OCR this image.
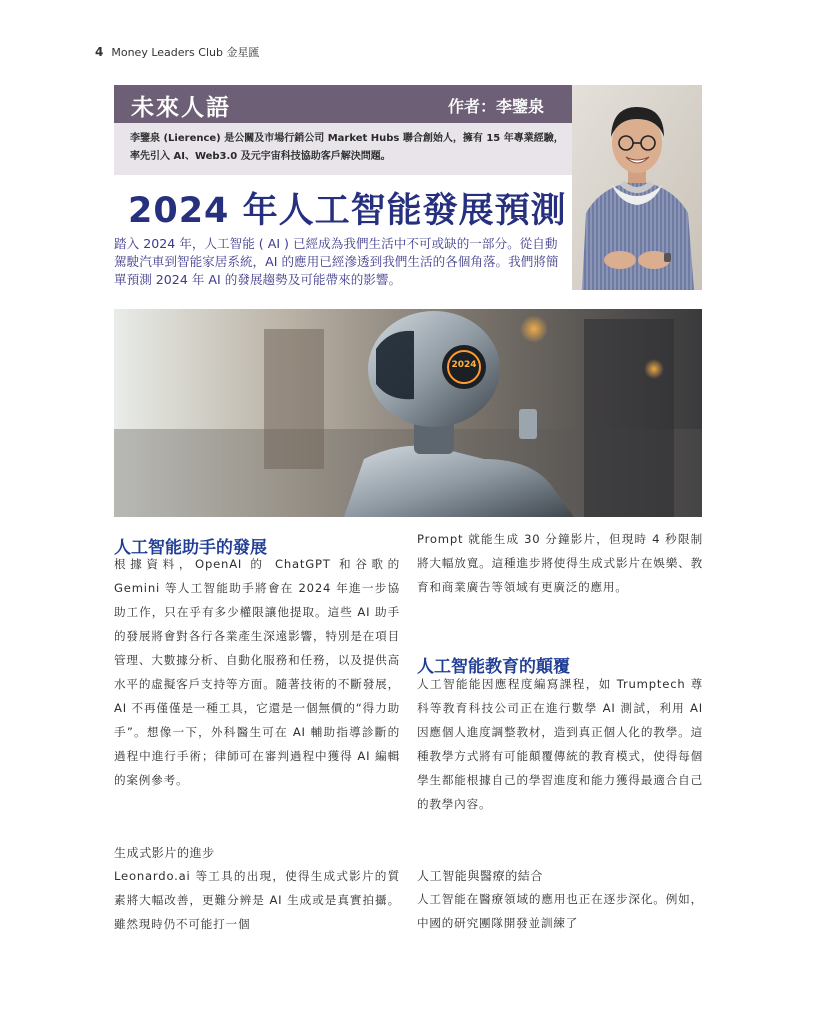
4 Money Leaders Club 金星匯
未來人語	作者：李鑒泉
李鑒泉 (Lierence) 是公關及市場行銷公司 Market Hubs 聯合創始人，擁有 15 年專業經驗，率先引入 AI、Web3.0 及元宇宙科技協助客戶解決問題。
2024 年人工智能發展預測
踏入 2024 年，人工智能 ( AI ) 已經成為我們生活中不可或缺的一部分。從自動駕駛汽車到智能家居系統，AI 的應用已經滲透到我們生活的各個角落。我們將簡單預測 2024 年 AI 的發展趨勢及可能帶來的影響。
2024
人工智能助手的發展
根據資料，OpenAI 的 ChatGPT 和谷歌的 Gemini 等人工智能助手將會在 2024 年進一步協助工作，只在乎有多少權限讓他提取。這些 AI 助手的發展將會對各行各業產生深遠影響，特別是在項目管理、大數據分析、自動化服務和任務，以及提供高水平的虛擬客戶支持等方面。隨著技術的不斷發展，AI 不再僅僅是一種工具，它還是一個無價的“得力助手”。想像一下，外科醫生可在 AI 輔助指導診斷的過程中進行手術；律師可在審判過程中獲得 AI 編輯的案例參考。
生成式影片的進步
Leonardo.ai 等工具的出現，使得生成式影片的質素將大幅改善，更難分辨是 AI 生成或是真實拍攝。雖然現時仍不可能打一個
Prompt 就能生成 30 分鐘影片，但現時 4 秒限制將大幅放寬。這種進步將使得生成式影片在娛樂、教育和商業廣告等領域有更廣泛的應用。
人工智能教育的顛覆
人工智能能因應程度編寫課程，如 Trumptech 尊科等教育科技公司正在進行數學 AI 測試，利用 AI 因應個人進度調整教材，造到真正個人化的教學。這種教學方式將有可能顛覆傳統的教育模式，使得每個學生都能根據自己的學習進度和能力獲得最適合自己的教學內容。
人工智能與醫療的結合
人工智能在醫療領域的應用也正在逐步深化。例如，中國的研究團隊開發並訓練了
